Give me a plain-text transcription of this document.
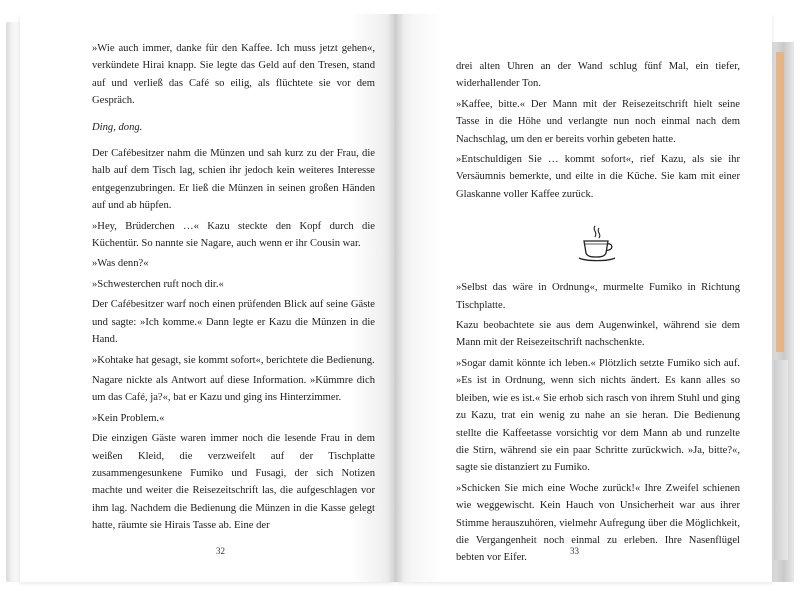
»Wie auch immer, danke für den Kaffee. Ich muss jetzt gehen«, verkündete Hirai knapp. Sie legte das Geld auf den Tresen, stand auf und verließ das Café so eilig, als flüchtete sie vor dem Gespräch.

Ding, dong.

Der Cafébesitzer nahm die Münzen und sah kurz zu der Frau, die halb auf dem Tisch lag, schien ihr jedoch kein weiteres Interesse entgegenzubringen. Er ließ die Münzen in seinen großen Händen auf und ab hüpfen.

»Hey, Brüderchen …« Kazu steckte den Kopf durch die Küchentür. So nannte sie Nagare, auch wenn er ihr Cousin war.

»Was denn?«

»Schwesterchen ruft noch dir.«

Der Cafébesitzer warf noch einen prüfenden Blick auf seine Gäste und sagte: »Ich komme.« Dann legte er Kazu die Münzen in die Hand.

»Kohtake hat gesagt, sie kommt sofort«, berichtete die Bedienung.

Nagare nickte als Antwort auf diese Information. »Kümmre dich um das Café, ja?«, bat er Kazu und ging ins Hinterzimmer.

»Kein Problem.«

Die einzigen Gäste waren immer noch die lesende Frau in dem weißen Kleid, die verzweifelt auf der Tischplatte zusammengesunkene Fumiko und Fusagi, der sich Notizen machte und weiter die Reisezeitschrift las, die aufgeschlagen vor ihm lag. Nachdem die Bedienung die Münzen in die Kasse gelegt hatte, räumte sie Hirais Tasse ab. Eine der

32

drei alten Uhren an der Wand schlug fünf Mal, ein tiefer, widerhallender Ton.

»Kaffee, bitte.« Der Mann mit der Reisezeitschrift hielt seine Tasse in die Höhe und verlangte nun noch einmal nach dem Nachschlag, um den er bereits vorhin gebeten hatte.

»Entschuldigen Sie … kommt sofort«, rief Kazu, als sie ihr Versäumnis bemerkte, und eilte in die Küche. Sie kam mit einer Glaskanne voller Kaffee zurück.

»Selbst das wäre in Ordnung«, murmelte Fumiko in Richtung Tischplatte.

Kazu beobachtete sie aus dem Augenwinkel, während sie dem Mann mit der Reisezeitschrift nachschenkte.

»Sogar damit könnte ich leben.« Plötzlich setzte Fumiko sich auf. »Es ist in Ordnung, wenn sich nichts ändert. Es kann alles so bleiben, wie es ist.« Sie erhob sich rasch von ihrem Stuhl und ging zu Kazu, trat ein wenig zu nahe an sie heran. Die Bedienung stellte die Kaffeetasse vorsichtig vor dem Mann ab und runzelte die Stirn, während sie ein paar Schritte zurückwich. »Ja, bitte?«, sagte sie distanziert zu Fumiko.

»Schicken Sie mich eine Woche zurück!« Ihre Zweifel schienen wie weggewischt. Kein Hauch von Unsicherheit war aus ihrer Stimme herauszuhören, vielmehr Aufregung über die Möglichkeit, die Vergangenheit noch einmal zu erleben. Ihre Nasenflügel bebten vor Eifer.

33
